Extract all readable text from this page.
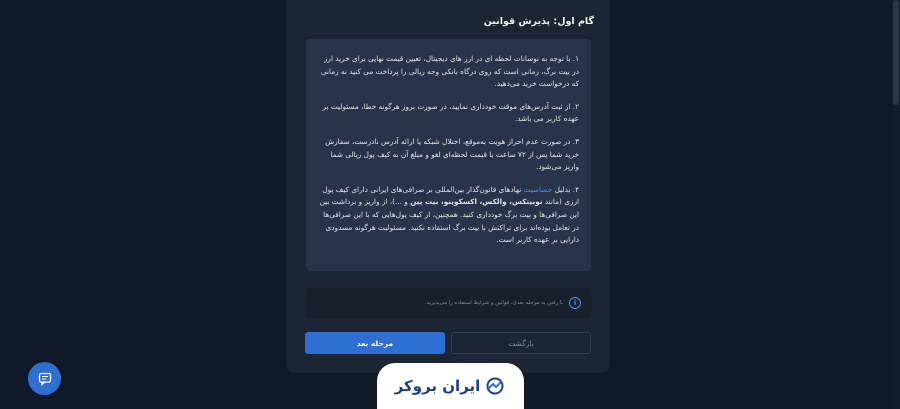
گام اول: پذیرش قوانین

۱. با توجه به نوسانات لحظه ای در ارز های دیجیتال، تعیین قیمت نهایی برای خرید ارز در بیت برگ، زمانی است که روی درگاه بانکی وجه ریالی را پرداخت می کنید نه زمانی که درخواست خرید می‌دهید.

۲. از ثبت آدرس‌های موقت خودداری نمایید، در صورت بروز هرگونه خطا، مسئولیت بر عهده کاربر می باشد.

۳. در صورت عدم احراز هویت به‌موقع، اختلال شبکه یا ارائه آدرس نادرست، سفارش خرید شما پس از ۷۲ ساعت با قیمت لحظه‌ای لغو و مبلغ آن به کیف پول ریالی شما واریز می‌شود.

۴. بدلیل حساسیت نهادهای قانون‌گذار بین‌المللی بر صرافی‌های ایرانی دارای کیف پول ارزی (مانند نوبیتکس، والکس، اکسکوینو، بیت پین و ...)، از واریز و برداشت بین این صرافی‌ها و بیت برگ خودداری کنید. همچنین، از کیف پول‌هایی که با این صرافی‌ها در تعامل بوده‌اند برای تراکنش با بیت برگ استفاده نکنید. مسئولیت هرگونه مسدودی دارایی بر عهده کاربر است.

i
با رفتن به مرحله بعدی، قوانین و شرایط استفاده را می‌پذیرید.
مرحله بعد	بازگشت
ایران بروکر
